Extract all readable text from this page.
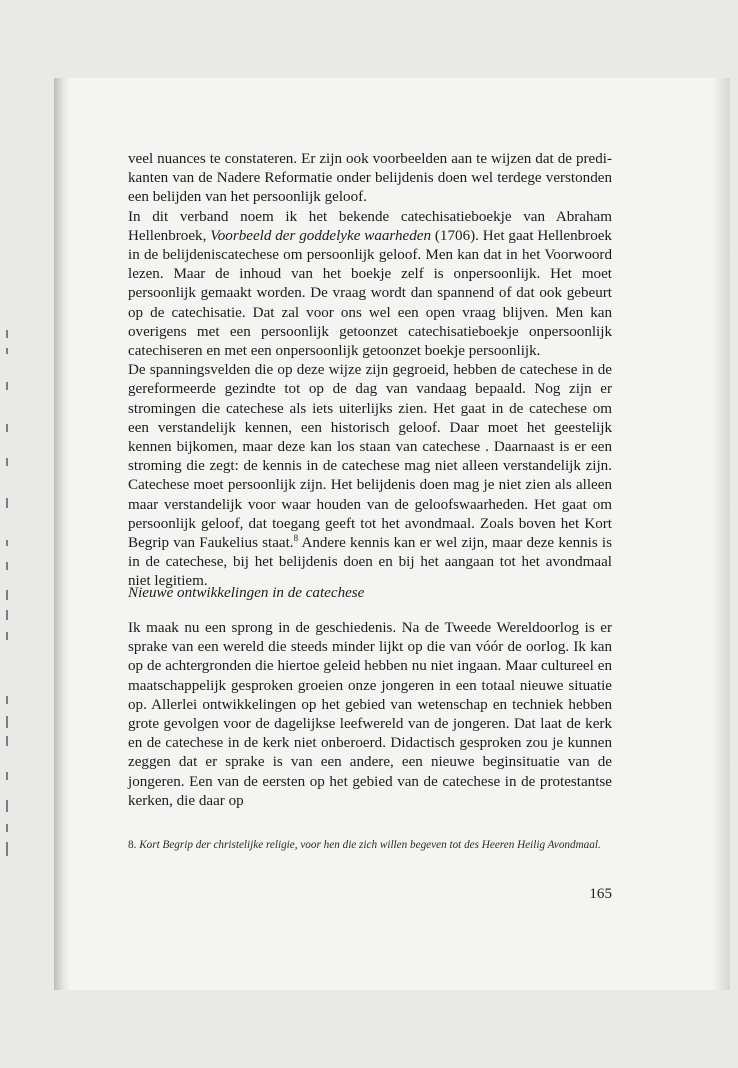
veel nuances te constateren. Er zijn ook voorbeelden aan te wijzen dat de predikanten van de Nadere Reformatie onder belijdenis doen wel terdege verstonden een belijden van het persoonlijk geloof.

In dit verband noem ik het bekende catechisatieboekje van Abraham Hellenbroek, Voorbeeld der goddelyke waarheden (1706). Het gaat Hellenbroek in de belijdeniscatechese om persoonlijk geloof. Men kan dat in het Voorwoord lezen. Maar de inhoud van het boekje zelf is onpersoonlijk. Het moet persoonlijk gemaakt worden. De vraag wordt dan spannend of dat ook gebeurt op de catechisatie. Dat zal voor ons wel een open vraag blijven. Men kan overigens met een persoonlijk getoonzet catechisatieboekje onpersoonlijk catechiseren en met een onpersoonlijk getoonzet boekje persoonlijk.

De spanningsvelden die op deze wijze zijn gegroeid, hebben de catechese in de gereformeerde gezindte tot op de dag van vandaag bepaald. Nog zijn er stromingen die catechese als iets uiterlijks zien. Het gaat in de catechese om een verstandelijk kennen, een historisch geloof. Daar moet het geestelijk kennen bijkomen, maar deze kan los staan van catechese . Daarnaast is er een stroming die zegt: de kennis in de catechese mag niet alleen verstandelijk zijn. Catechese moet persoonlijk zijn. Het belijdenis doen mag je niet zien als alleen maar verstandelijk voor waar houden van de geloofswaarheden. Het gaat om persoonlijk geloof, dat toegang geeft tot het avondmaal. Zoals boven het Kort Begrip van Faukelius staat.$^8$ Andere kennis kan er wel zijn, maar deze kennis is in de catechese, bij het belijdenis doen en bij het aangaan tot het avondmaal niet legitiem.

Nieuwe ontwikkelingen in de catechese

Ik maak nu een sprong in de geschiedenis. Na de Tweede Wereldoorlog is er sprake van een wereld die steeds minder lijkt op die van vóór de oorlog. Ik kan op de achtergronden die hiertoe geleid hebben nu niet ingaan. Maar cultureel en maatschappelijk gesproken groeien onze jongeren in een totaal nieuwe situatie op. Allerlei ontwikkelingen op het gebied van wetenschap en techniek hebben grote gevolgen voor de dagelijkse leefwereld van de jongeren. Dat laat de kerk en de catechese in de kerk niet onberoerd. Didactisch gesproken zou je kunnen zeggen dat er sprake is van een andere, een nieuwe beginsituatie van de jongeren. Een van de eersten op het gebied van de catechese in de protestantse kerken, die daar op

8. Kort Begrip der christelijke religie, voor hen die zich willen begeven tot des Heeren Heilig Avondmaal.
165
